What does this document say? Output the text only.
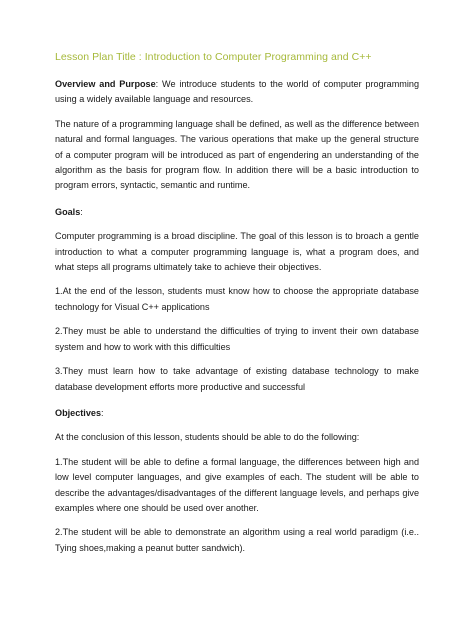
Lesson Plan Title : Introduction to Computer Programming and C++

Overview and Purpose: We introduce students to the world of computer programming using a widely available language and resources.

The nature of a programming language shall be defined, as well as the difference between natural and formal languages. The various operations that make up the general structure of a computer program will be introduced as part of engendering an understanding of the algorithm as the basis for program flow. In addition there will be a basic introduction to program errors, syntactic, semantic and runtime.

Goals:

Computer programming is a broad discipline. The goal of this lesson is to broach a gentle introduction to what a computer programming language is, what a program does, and what steps all programs ultimately take to achieve their objectives.

1.At the end of the lesson, students must know how to choose the appropriate database technology for Visual C++ applications

2.They must be able to understand the difficulties of trying to invent their own database system and how to work with this difficulties

3.They must learn how to take advantage of existing database technology to make database development efforts more productive and successful

Objectives:

At the conclusion of this lesson, students should be able to do the following:

1.The student will be able to define a formal language, the differences between high and low level computer languages, and give examples of each. The student will be able to describe the advantages/disadvantages of the different language levels, and perhaps give examples where one should be used over another.

2.The student will be able to demonstrate an algorithm using a real world paradigm (i.e.. Tying shoes,making a peanut butter sandwich).
